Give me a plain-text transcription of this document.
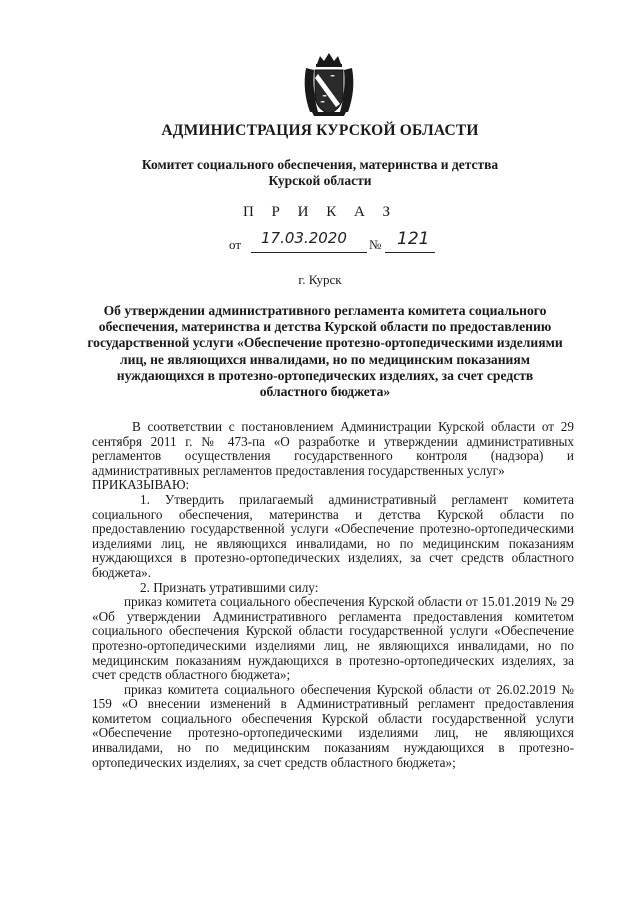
АДМИНИСТРАЦИЯ КУРСКОЙ ОБЛАСТИ
Комитет социального обеспечения, материнства и детства
Курской области
П Р И К А З
от 17.03.2020 № 121
г. Курск
Об утверждении административного регламента комитета социального обеспечения, материнства и детства Курской области по предоставлению государственной услуги «Обеспечение протезно-ортопедическими изделиями лиц, не являющихся инвалидами, но по медицинским показаниям нуждающихся в протезно-ортопедических изделиях, за счет средств областного бюджета»

В соответствии с постановлением Администрации Курской области от 29 сентября 2011 г. № 473-па «О разработке и утверждении административных регламентов осуществления государственного контроля (надзора) и административных регламентов предоставления государственных услуг»

ПРИКАЗЫВАЮ:

1. Утвердить прилагаемый административный регламент комитета социального обеспечения, материнства и детства Курской области по предоставлению государственной услуги «Обеспечение протезно-ортопедическими изделиями лиц, не являющихся инвалидами, но по медицинским показаниям нуждающихся в протезно-ортопедических изделиях, за счет средств областного бюджета».

2. Признать утратившими силу:

приказ комитета социального обеспечения Курской области от 15.01.2019 № 29 «Об утверждении Административного регламента предоставления комитетом социального обеспечения Курской области государственной услуги «Обеспечение протезно-ортопедическими изделиями лиц, не являющихся инвалидами, но по медицинским показаниям нуждающихся в протезно-ортопедических изделиях, за счет средств областного бюджета»;

приказ комитета социального обеспечения Курской области от 26.02.2019 № 159 «О внесении изменений в Административный регламент предоставления комитетом социального обеспечения Курской области государственной услуги «Обеспечение протезно-ортопедическими изделиями лиц, не являющихся инвалидами, но по медицинским показаниям нуждающихся в протезно-ортопедических изделиях, за счет средств областного бюджета»;
